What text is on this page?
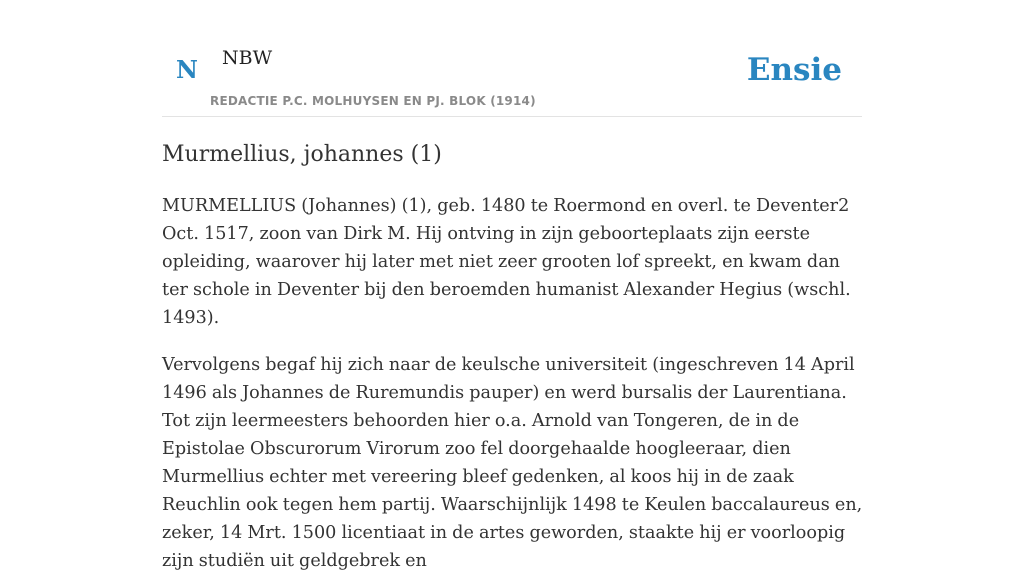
N NBW
REDACTIE P.C. MOLHUYSEN EN PJ. BLOK (1914)
Ensie
Murmellius, johannes (1)

MURMELLIUS (Johannes) (1), geb. 1480 te Roermond en overl. te Deventer2 Oct. 1517, zoon van Dirk M. Hij ontving in zijn geboorteplaats zijn eerste opleiding, waarover hij later met niet zeer grooten lof spreekt, en kwam dan ter schole in Deventer bij den beroemden humanist Alexander Hegius (wschl. 1493).

Vervolgens begaf hij zich naar de keulsche universiteit (ingeschreven 14 April 1496 als Johannes de Ruremundis pauper) en werd bursalis der Laurentiana. Tot zijn leermeesters behoorden hier o.a. Arnold van Tongeren, de in de Epistolae Obscurorum Virorum zoo fel doorgehaalde hoogleeraar, dien Murmellius echter met vereering bleef gedenken, al koos hij in de zaak Reuchlin ook tegen hem partij. Waarschijnlijk 1498 te Keulen baccalaureus en, zeker, 14 Mrt. 1500 licentiaat in de artes geworden, staakte hij er voorloopig zijn studiën uit geldgebrek en
